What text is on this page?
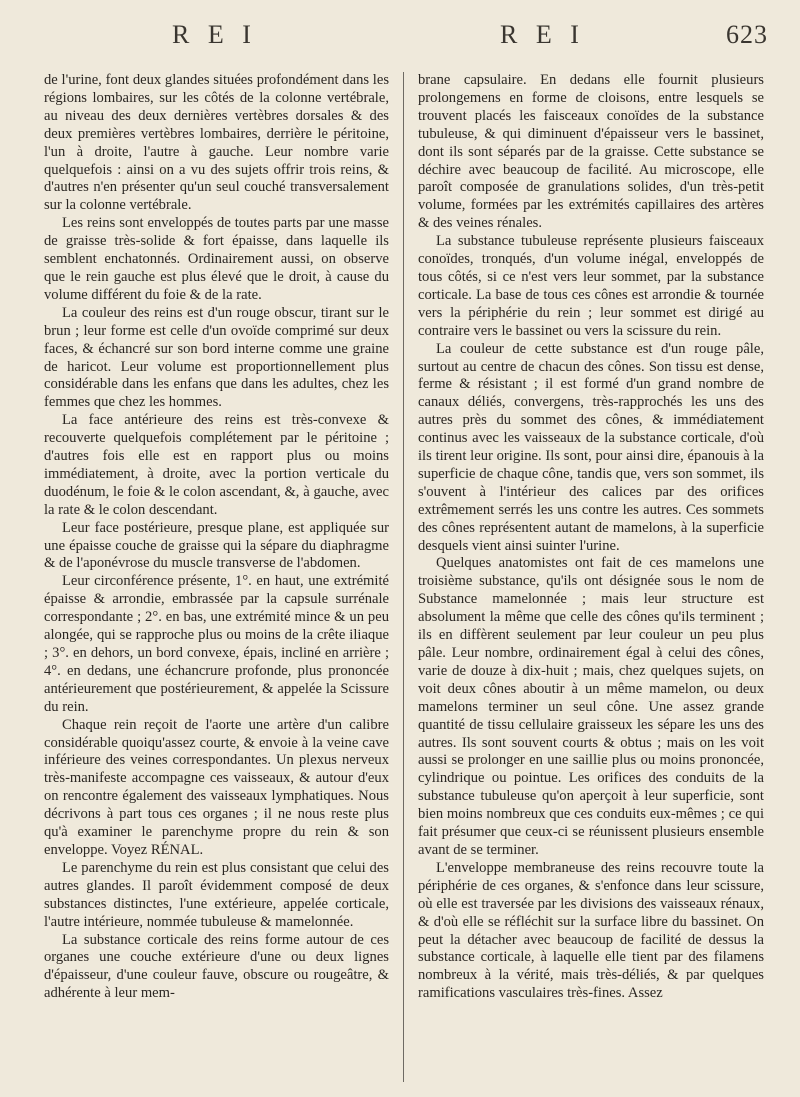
R E I	R E I	623

de l'urine, font deux glandes situées profondément dans les régions lombaires, sur les côtés de la colonne vertébrale, au niveau des deux dernières vertèbres dorsales & des deux premières vertèbres lombaires, derrière le péritoine, l'un à droite, l'autre à gauche. Leur nombre varie quelquefois : ainsi on a vu des sujets offrir trois reins, & d'autres n'en présenter qu'un seul couché transversalement sur la colonne vertébrale.

Les reins sont enveloppés de toutes parts par une masse de graisse très-solide & fort épaisse, dans laquelle ils semblent enchatonnés. Ordinairement aussi, on observe que le rein gauche est plus élevé que le droit, à cause du volume différent du foie & de la rate.

La couleur des reins est d'un rouge obscur, tirant sur le brun ; leur forme est celle d'un ovoïde comprimé sur deux faces, & échancré sur son bord interne comme une graine de haricot. Leur volume est proportionnellement plus considérable dans les enfans que dans les adultes, chez les femmes que chez les hommes.

La face antérieure des reins est très-convexe & recouverte quelquefois complétement par le péritoine ; d'autres fois elle est en rapport plus ou moins immédiatement, à droite, avec la portion verticale du duodénum, le foie & le colon ascendant, &, à gauche, avec la rate & le colon descendant.

Leur face postérieure, presque plane, est appliquée sur une épaisse couche de graisse qui la sépare du diaphragme & de l'aponévrose du muscle transverse de l'abdomen.

Leur circonférence présente, 1°. en haut, une extrémité épaisse & arrondie, embrassée par la capsule surrénale correspondante ; 2°. en bas, une extrémité mince & un peu alongée, qui se rapproche plus ou moins de la crête iliaque ; 3°. en dehors, un bord convexe, épais, incliné en arrière ; 4°. en dedans, une échancrure profonde, plus prononcée antérieurement que postérieurement, & appelée la Scissure du rein.

Chaque rein reçoit de l'aorte une artère d'un calibre considérable quoiqu'assez courte, & envoie à la veine cave inférieure des veines correspondantes. Un plexus nerveux très-manifeste accompagne ces vaisseaux, & autour d'eux on rencontre également des vaisseaux lymphatiques. Nous décrivons à part tous ces organes ; il ne nous reste plus qu'à examiner le parenchyme propre du rein & son enveloppe. Voyez RÉNAL.

Le parenchyme du rein est plus consistant que celui des autres glandes. Il paroît évidemment composé de deux substances distinctes, l'une extérieure, appelée corticale, l'autre intérieure, nommée tubuleuse & mamelonnée.

La substance corticale des reins forme autour de ces organes une couche extérieure d'une ou deux lignes d'épaisseur, d'une couleur fauve, obscure ou rougeâtre, & adhérente à leur mem-

brane capsulaire. En dedans elle fournit plusieurs prolongemens en forme de cloisons, entre lesquels se trouvent placés les faisceaux conoïdes de la substance tubuleuse, & qui diminuent d'épaisseur vers le bassinet, dont ils sont séparés par de la graisse. Cette substance se déchire avec beaucoup de facilité. Au microscope, elle paroît composée de granulations solides, d'un très-petit volume, formées par les extrémités capillaires des artères & des veines rénales.

La substance tubuleuse représente plusieurs faisceaux conoïdes, tronqués, d'un volume inégal, enveloppés de tous côtés, si ce n'est vers leur sommet, par la substance corticale. La base de tous ces cônes est arrondie & tournée vers la périphérie du rein ; leur sommet est dirigé au contraire vers le bassinet ou vers la scissure du rein.

La couleur de cette substance est d'un rouge pâle, surtout au centre de chacun des cônes. Son tissu est dense, ferme & résistant ; il est formé d'un grand nombre de canaux déliés, convergens, très-rapprochés les uns des autres près du sommet des cônes, & immédiatement continus avec les vaisseaux de la substance corticale, d'où ils tirent leur origine. Ils sont, pour ainsi dire, épanouis à la superficie de chaque cône, tandis que, vers son sommet, ils s'ouvent à l'intérieur des calices par des orifices extrêmement serrés les uns contre les autres. Ces sommets des cônes représentent autant de mamelons, à la superficie desquels vient ainsi suinter l'urine.

Quelques anatomistes ont fait de ces mamelons une troisième substance, qu'ils ont désignée sous le nom de Substance mamelonnée ; mais leur structure est absolument la même que celle des cônes qu'ils terminent ; ils en diffèrent seulement par leur couleur un peu plus pâle. Leur nombre, ordinairement égal à celui des cônes, varie de douze à dix-huit ; mais, chez quelques sujets, on voit deux cônes aboutir à un même mamelon, ou deux mamelons terminer un seul cône. Une assez grande quantité de tissu cellulaire graisseux les sépare les uns des autres. Ils sont souvent courts & obtus ; mais on les voit aussi se prolonger en une saillie plus ou moins prononcée, cylindrique ou pointue. Les orifices des conduits de la substance tubuleuse qu'on aperçoit à leur superficie, sont bien moins nombreux que ces conduits eux-mêmes ; ce qui fait présumer que ceux-ci se réunissent plusieurs ensemble avant de se terminer.

L'enveloppe membraneuse des reins recouvre toute la périphérie de ces organes, & s'enfonce dans leur scissure, où elle est traversée par les divisions des vaisseaux rénaux, & d'où elle se réfléchit sur la surface libre du bassinet. On peut la détacher avec beaucoup de facilité de dessus la substance corticale, à laquelle elle tient par des filamens nombreux à la vérité, mais très-déliés, & par quelques ramifications vasculaires très-fines. Assez
